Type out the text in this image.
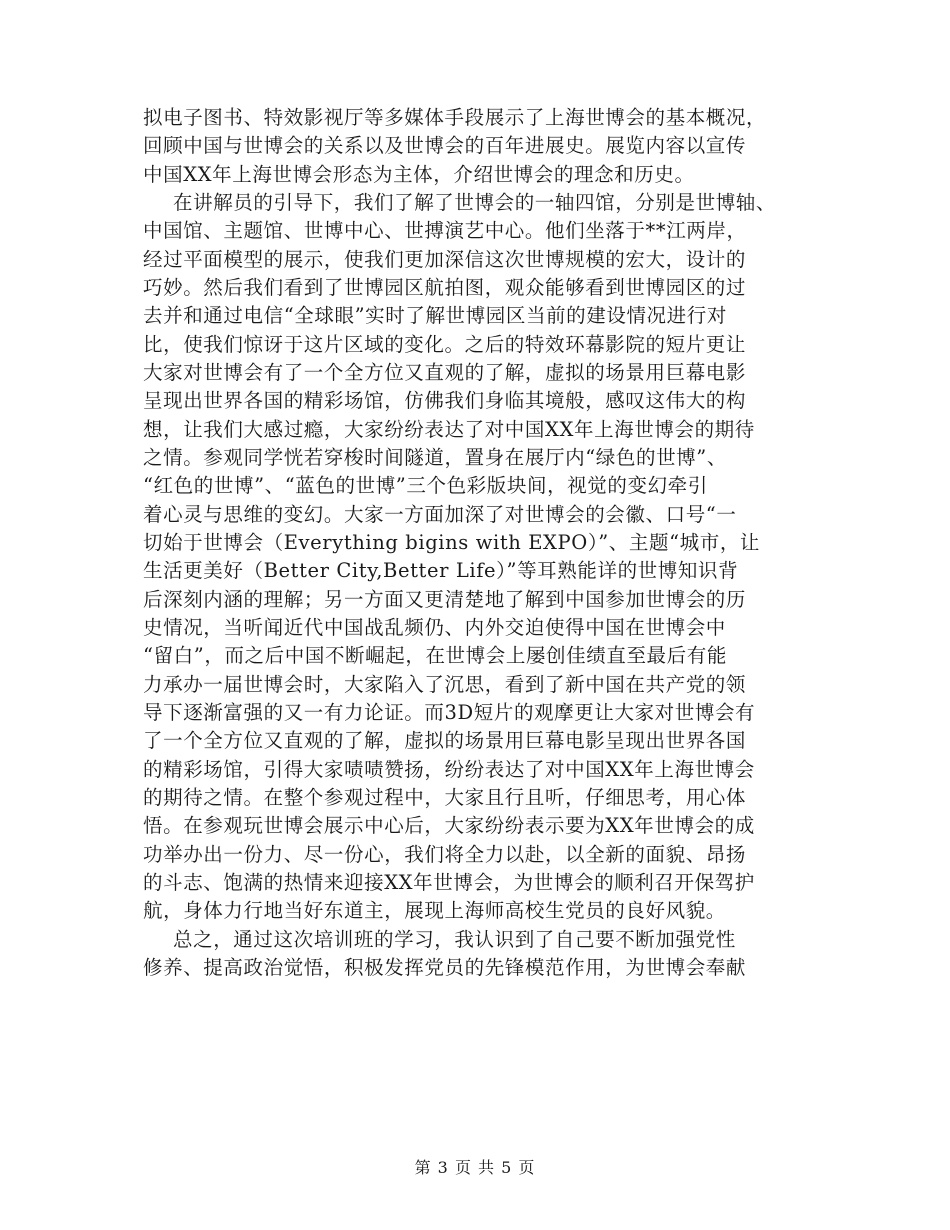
拟电子图书、特效影视厅等多媒体手段展示了上海世博会的基本概况，
回顾中国与世博会的关系以及世博会的百年进展史。展览内容以宣传
中国XX年上海世博会形态为主体，介绍世博会的理念和历史。
在讲解员的引导下，我们了解了世博会的一轴四馆，分别是世博轴、
中国馆、主题馆、世博中心、世搏演艺中心。他们坐落于**江两岸，
经过平面模型的展示，使我们更加深信这次世博规模的宏大，设计的
巧妙。然后我们看到了世博园区航拍图，观众能够看到世博园区的过
去并和通过电信“全球眼”实时了解世博园区当前的建设情况进行对
比，使我们惊讶于这片区域的变化。之后的特效环幕影院的短片更让
大家对世博会有了一个全方位又直观的了解，虚拟的场景用巨幕电影
呈现出世界各国的精彩场馆，仿佛我们身临其境般，感叹这伟大的构
想，让我们大感过瘾，大家纷纷表达了对中国XX年上海世博会的期待
之情。参观同学恍若穿梭时间隧道，置身在展厅内“绿色的世博”、
“红色的世博”、“蓝色的世博”三个色彩版块间，视觉的变幻牵引
着心灵与思维的变幻。大家一方面加深了对世博会的会徽、口号“一
切始于世博会（Everything bigins with EXPO）”、主题“城市，让
生活更美好（Better City,Better Life）”等耳熟能详的世博知识背
后深刻内涵的理解；另一方面又更清楚地了解到中国参加世博会的历
史情况，当听闻近代中国战乱频仍、内外交迫使得中国在世博会中
“留白”，而之后中国不断崛起，在世博会上屡创佳绩直至最后有能
力承办一届世博会时，大家陷入了沉思，看到了新中国在共产党的领
导下逐渐富强的又一有力论证。而3D短片的观摩更让大家对世博会有
了一个全方位又直观的了解，虚拟的场景用巨幕电影呈现出世界各国
的精彩场馆，引得大家啧啧赞扬，纷纷表达了对中国XX年上海世博会
的期待之情。在整个参观过程中，大家且行且听，仔细思考，用心体
悟。在参观玩世博会展示中心后，大家纷纷表示要为XX年世博会的成
功举办出一份力、尽一份心，我们将全力以赴，以全新的面貌、昂扬
的斗志、饱满的热情来迎接XX年世博会，为世博会的顺利召开保驾护
航，身体力行地当好东道主，展现上海师高校生党员的良好风貌。
总之，通过这次培训班的学习，我认识到了自己要不断加强党性
修养、提高政治觉悟，积极发挥党员的先锋模范作用，为世博会奉献
第 3 页 共 5 页
